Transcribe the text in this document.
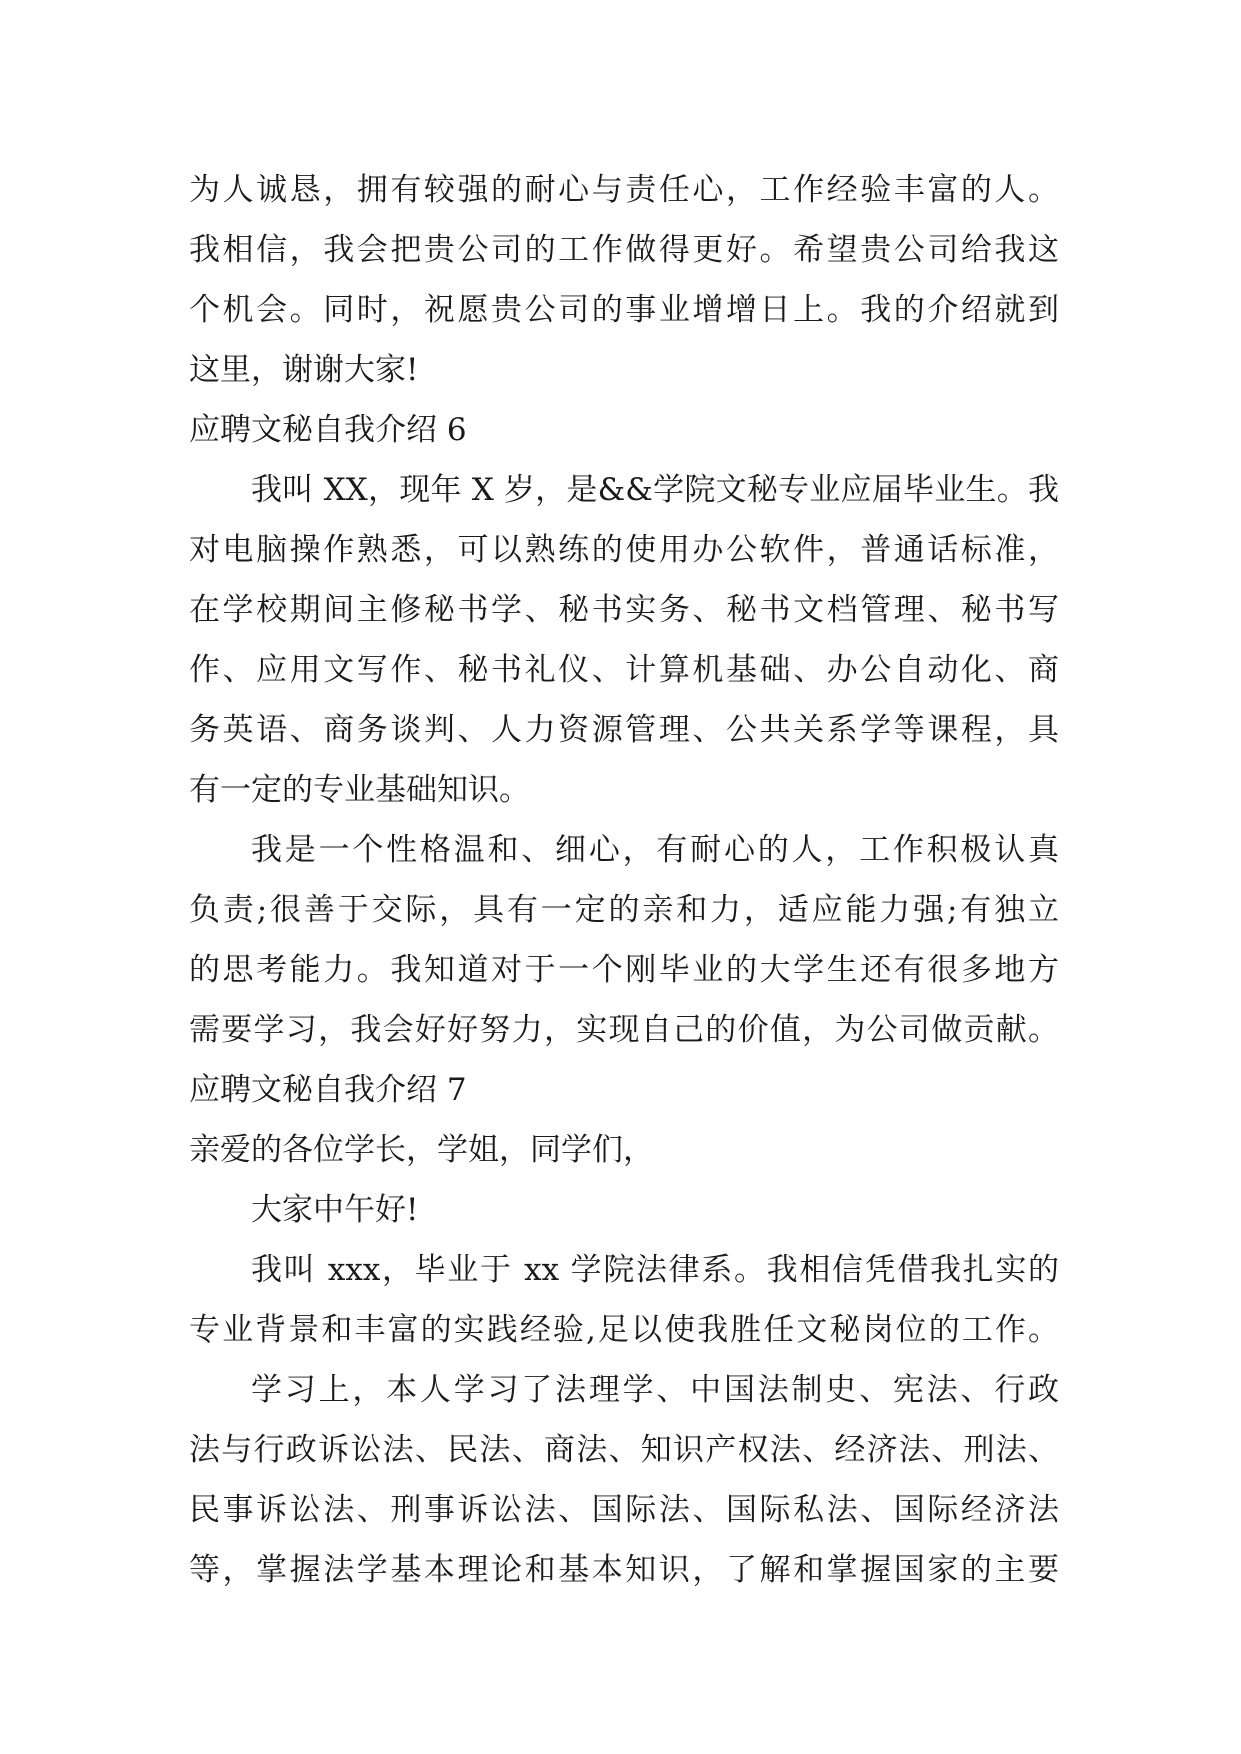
为人诚恳，拥有较强的耐心与责任心，工作经验丰富的人。
我相信，我会把贵公司的工作做得更好。希望贵公司给我这
个机会。同时，祝愿贵公司的事业增增日上。我的介绍就到
这里，谢谢大家!
应聘文秘自我介绍 6
我叫 XX，现年 X 岁，是&&学院文秘专业应届毕业生。我
对电脑操作熟悉，可以熟练的使用办公软件，普通话标准，
在学校期间主修秘书学、秘书实务、秘书文档管理、秘书写
作、应用文写作、秘书礼仪、计算机基础、办公自动化、商
务英语、商务谈判、人力资源管理、公共关系学等课程，具
有一定的专业基础知识。
我是一个性格温和、细心，有耐心的人，工作积极认真
负责;很善于交际，具有一定的亲和力，适应能力强;有独立
的思考能力。我知道对于一个刚毕业的大学生还有很多地方
需要学习，我会好好努力，实现自己的价值，为公司做贡献。
应聘文秘自我介绍 7
亲爱的各位学长，学姐，同学们，
大家中午好!
我叫 xxx，毕业于 xx 学院法律系。我相信凭借我扎实的
专业背景和丰富的实践经验,足以使我胜任文秘岗位的工作。
学习上，本人学习了法理学、中国法制史、宪法、行政
法与行政诉讼法、民法、商法、知识产权法、经济法、刑法、
民事诉讼法、刑事诉讼法、国际法、国际私法、国际经济法
等，掌握法学基本理论和基本知识，了解和掌握国家的主要
